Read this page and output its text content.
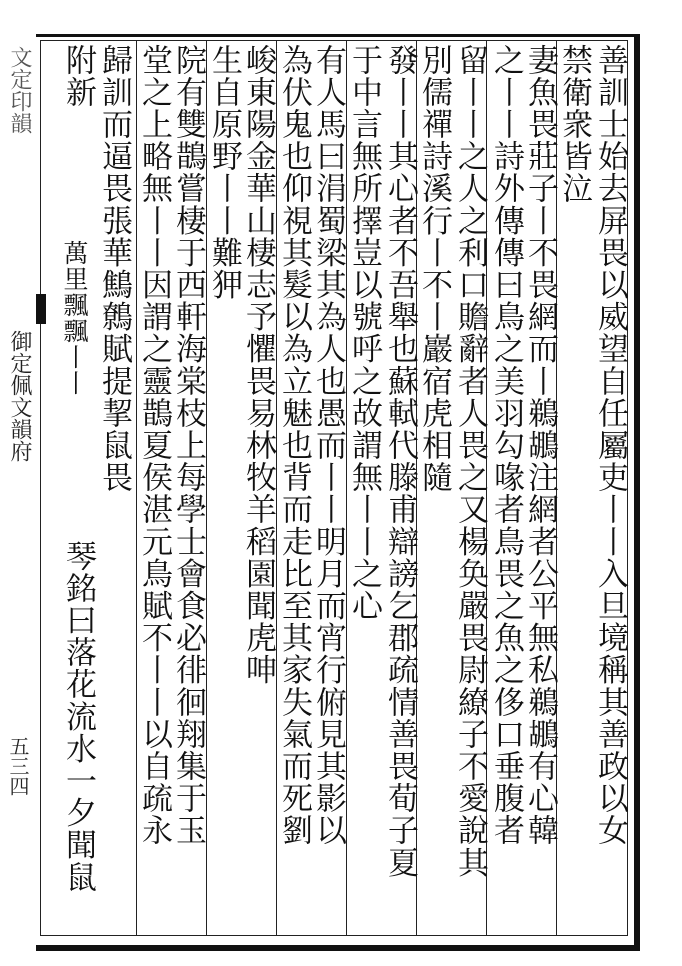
文定印韻
御定佩文韻府
五三四	善訓士始去屏畏以威望自任屬吏丨丨入旦境稱其善政以女
禁衛衆皆泣
妻魚畏莊子丨不畏網而丨鵜鶘注網者公平無私鵜鶘有心韓
之丨丨詩外傳傳曰鳥之美羽勾喙者鳥畏之魚之侈口垂腹者
留丨丨之人之利口贍辭者人畏之又楊奂嚴畏尉繚子不愛說其
別儒禪詩溪行丨不丨巖宿虎相隨
發丨丨其心者不吾舉也蘇軾代滕甫辯謗乞郡疏情善畏荀子夏
于中言無所擇豈以號呼之故謂無丨丨之心
有人馬曰涓蜀梁其為人也愚而丨丨明月而宵行俯見其影以
為伏鬼也仰視其髮以為立魅也背而走比至其家失氣而死劉
峻東陽金華山棲志予懼畏易林牧羊稻園聞虎呻
生自原野丨丨難狎
院有雙鵲嘗棲于西軒海棠枝上每學士會食必徘徊翔集于玉
堂之上略無丨丨因謂之靈鵲夏侯湛元鳥賦不丨丨以自疏永
歸訓而逼畏張華鷦鷯賦提挈鼠畏
附新
萬里飄飄丨丨
琴銘曰落花流水一夕聞鼠
